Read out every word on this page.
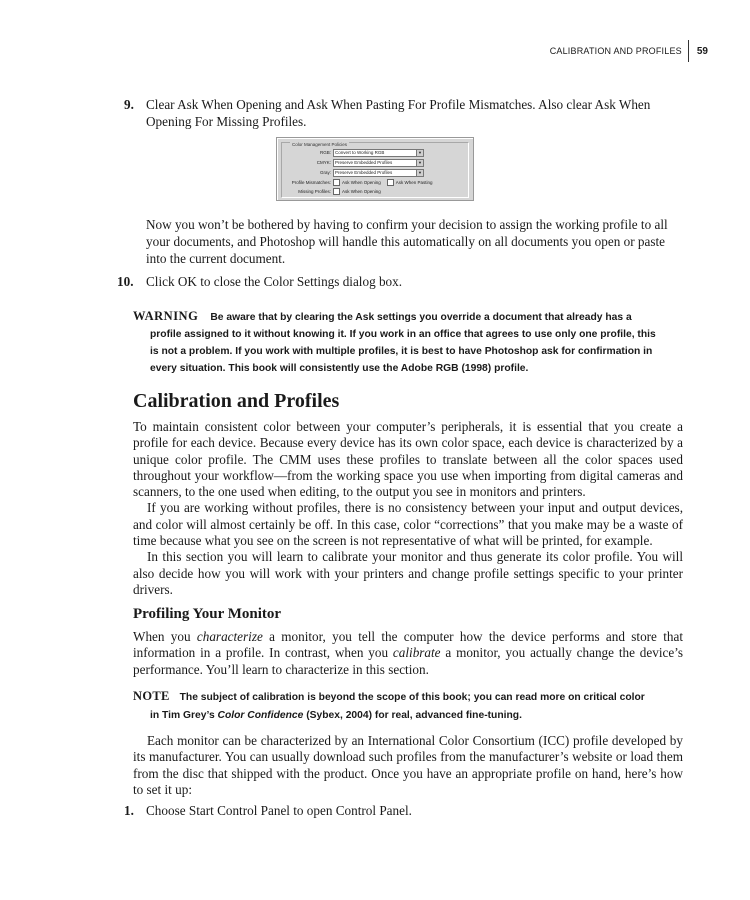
CALIBRATION AND PROFILES	59
9. Clear Ask When Opening and Ask When Pasting For Profile Mismatches. Also clear Ask When Opening For Missing Profiles.
Color Management Policies
RGB: Convert to Working RGB	▼
CMYK: Preserve Embedded Profiles	▼
Gray: Preserve Embedded Profiles	▼
Profile Mismatches:	Ask When Opening	Ask When Pasting
Missing Profiles:	Ask When Opening
Now you won’t be bothered by having to confirm your decision to assign the working profile to all your documents, and Photoshop will handle this automatically on all documents you open or paste into the current document.
10. Click OK to close the Color Settings dialog box.
WARNING Be aware that by clearing the Ask settings you override a document that already has a
profile assigned to it without knowing it. If you work in an office that agrees to use only one profile, this is not a problem. If you work with multiple profiles, it is best to have Photoshop ask for confirmation in every situation. This book will consistently use the Adobe RGB (1998) profile.
Calibration and Profiles

To maintain consistent color between your computer’s peripherals, it is essential that you create a profile for each device. Because every device has its own color space, each device is characterized by a unique color profile. The CMM uses these profiles to translate between all the color spaces used throughout your workflow—from the working space you use when importing from digital cameras and scanners, to the one used when editing, to the output you see in monitors and printers.

If you are working without profiles, there is no consistency between your input and output devices, and color will almost certainly be off. In this case, color “corrections” that you make may be a waste of time because what you see on the screen is not representative of what will be printed, for example.

In this section you will learn to calibrate your monitor and thus generate its color profile. You will also decide how you will work with your printers and change profile settings specific to your printer drivers.

Profiling Your Monitor

When you characterize a monitor, you tell the computer how the device performs and store that information in a profile. In contrast, when you calibrate a monitor, you actually change the device’s performance. You’ll learn to characterize in this section.

NOTE The subject of calibration is beyond the scope of this book; you can read more on critical color
in Tim Grey’s Color Confidence (Sybex, 2004) for real, advanced fine-tuning.

Each monitor can be characterized by an International Color Consortium (ICC) profile developed by its manufacturer. You can usually download such profiles from the manufacturer’s website or load them from the disc that shipped with the product. Once you have an appropriate profile on hand, here’s how to set it up:

1. Choose Start Control Panel to open Control Panel.
